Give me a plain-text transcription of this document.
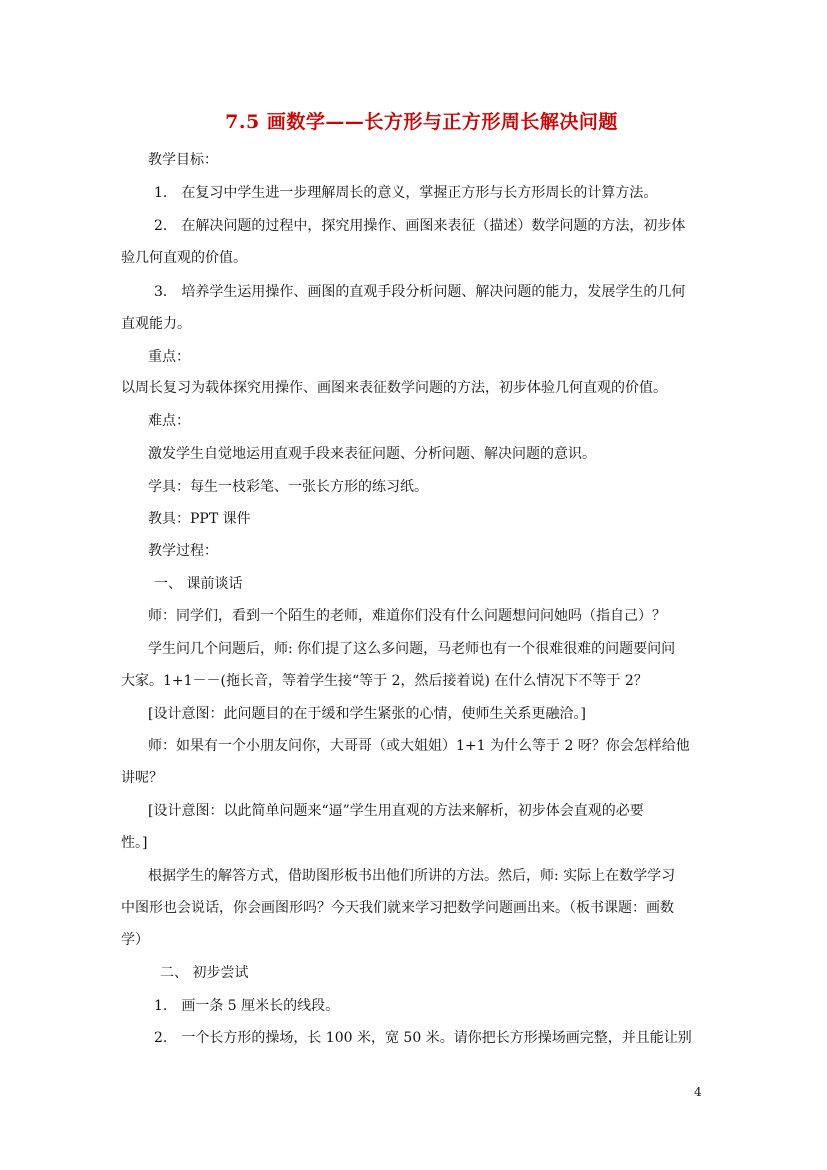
7.5 画数学——长方形与正方形周长解决问题
教学目标：
1． 在复习中学生进一步理解周长的意义，掌握正方形与长方形周长的计算方法。
2． 在解决问题的过程中，探究用操作、画图来表征（描述）数学问题的方法，初步体
验几何直观的价值。
3． 培养学生运用操作、画图的直观手段分析问题、解决问题的能力，发展学生的几何
直观能力。
重点：
以周长复习为载体探究用操作、画图来表征数学问题的方法，初步体验几何直观的价值。
难点：
激发学生自觉地运用直观手段来表征问题、分析问题、解决问题的意识。
学具：每生一枝彩笔、一张长方形的练习纸。
教具：PPT 课件
教学过程：
一、 课前谈话
师：同学们，看到一个陌生的老师，难道你们没有什么问题想问问她吗（指自己）？
学生问几个问题后，师: 你们提了这么多问题，马老师也有一个很难很难的问题要问问
大家。1+1－－(拖长音，等着学生接“等于 2，然后接着说) 在什么情况下不等于 2？
[设计意图：此问题目的在于缓和学生紧张的心情，使师生关系更融洽。]
师：如果有一个小朋友问你，大哥哥（或大姐姐）1+1 为什么等于 2 呀？你会怎样给他
讲呢？
[设计意图：以此简单问题来“逼”学生用直观的方法来解析，初步体会直观的必要
性。]
根据学生的解答方式，借助图形板书出他们所讲的方法。然后，师: 实际上在数学学习
中图形也会说话，你会画图形吗？今天我们就来学习把数学问题画出来。（板书课题：画数
学）
二、 初步尝试
1． 画一条 5 厘米长的线段。
2． 一个长方形的操场，长 100 米，宽 50 米。请你把长方形操场画完整，并且能让别
4
